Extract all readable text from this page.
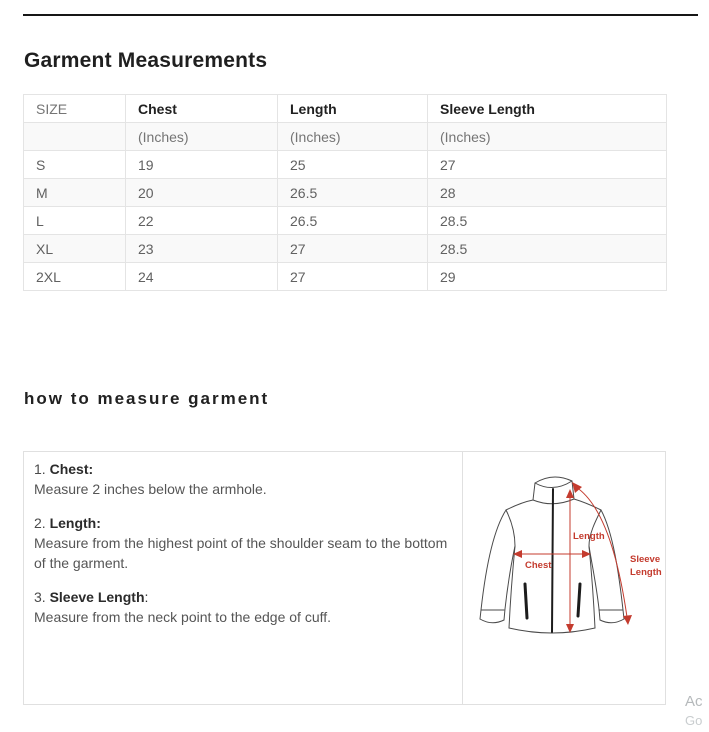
Garment Measurements
SIZE	Chest	Length	Sleeve Length
	(Inches)	(Inches)	(Inches)
S	19	25	27
M	20	26.5	28
L	22	26.5	28.5
XL	23	27	28.5
2XL	24	27	29
how to measure garment

1. Chest:

Measure 2 inches below the armhole.

2. Length:

Measure from the highest point of the shoulder seam to the bottom of the garment.

3. Sleeve Length:

Measure from the neck point to the edge of cuff.

Length
Chest
Sleeve
Length
Ac
Go
